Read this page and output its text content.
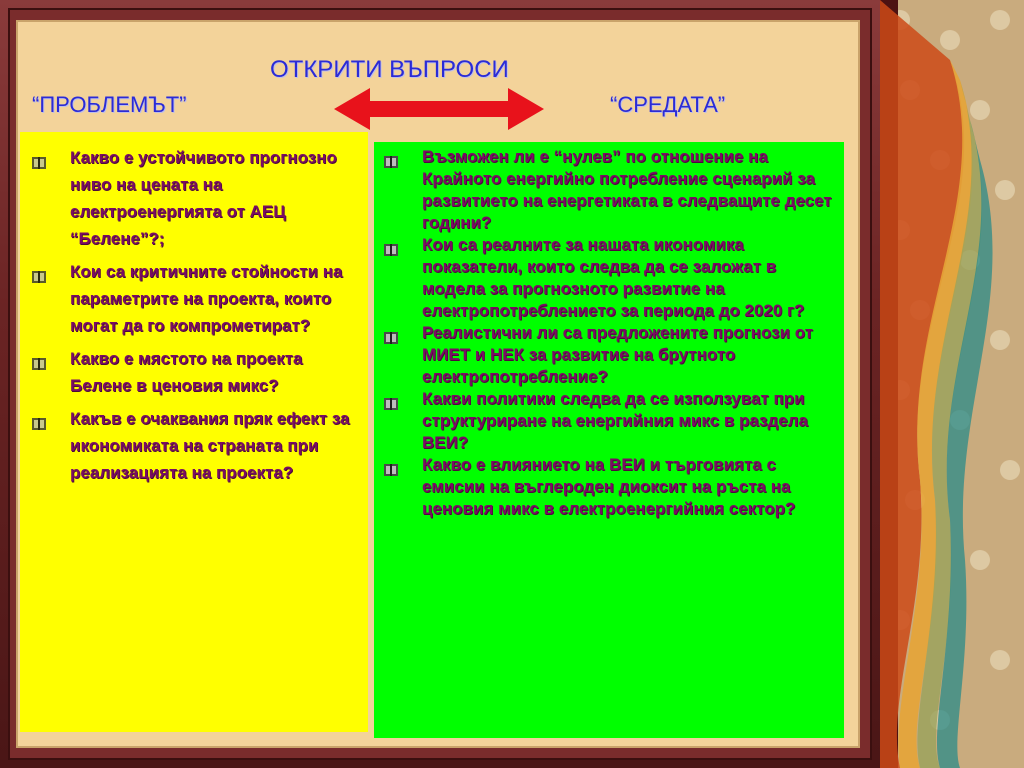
ОТКРИТИ ВЪПРОСИ
“ПРОБЛЕМЪТ”	“СРЕДАТА”
Какво е устойчивото прогнозно ниво на цената на електроенергията от АЕЦ “Белене”?;
Кои са критичните стойности на параметрите на проекта, които могат да го компрометират?
Какво е мястото на проекта Белене в ценовия микс?
Какъв е очаквания пряк ефект за икономиката на страната при реализацията на проекта?
Възможен ли е “нулев” по отношение на Крайното енергийно потребление сценарий за развитието на енергетиката в следващите десет години?
Кои са реалните за нашата икономика показатели, които следва да се заложат в модела за прогнозното развитие на електропотреблението за периода до 2020 г?
Реалистични ли са предложените прогнози от МИЕТ и НЕК за развитие на брутното електропотребление?
Какви политики следва да се използуват при структуриране на енергийния микс в раздела ВЕИ?
Какво е влиянието на ВЕИ и търговията с емисии на въглероден диоксит на ръста на ценовия микс в електроенергийния сектор?
